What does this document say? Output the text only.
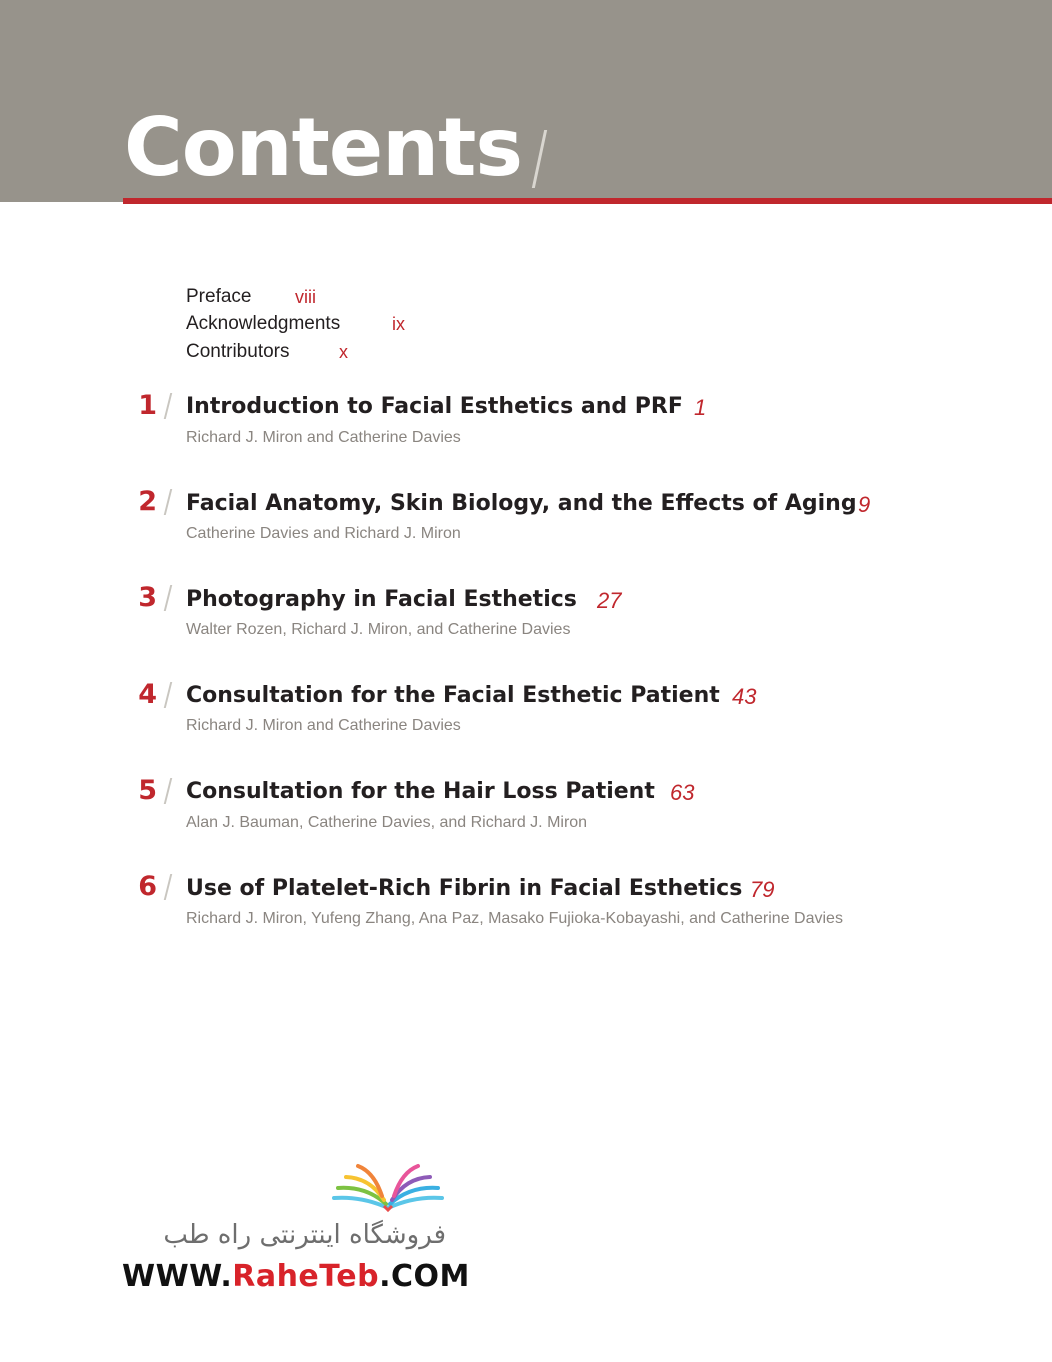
Contents
Preface viii
Acknowledgments	ix
Contributors	x
1 Introduction to Facial Esthetics and PRF 1
Richard J. Miron and Catherine Davies
2 Facial Anatomy, Skin Biology, and the Effects of Aging 9
Catherine Davies and Richard J. Miron
3 Photography in Facial Esthetics 27
Walter Rozen, Richard J. Miron, and Catherine Davies
4 Consultation for the Facial Esthetic Patient 43
Richard J. Miron and Catherine Davies
5 Consultation for the Hair Loss Patient 63
Alan J. Bauman, Catherine Davies, and Richard J. Miron
6 Use of Platelet-Rich Fibrin in Facial Esthetics 79
Richard J. Miron, Yufeng Zhang, Ana Paz, Masako Fujioka-Kobayashi, and Catherine Davies
فروشگاه اینترنتی راه طب
WWW.RaheTeb.COM
